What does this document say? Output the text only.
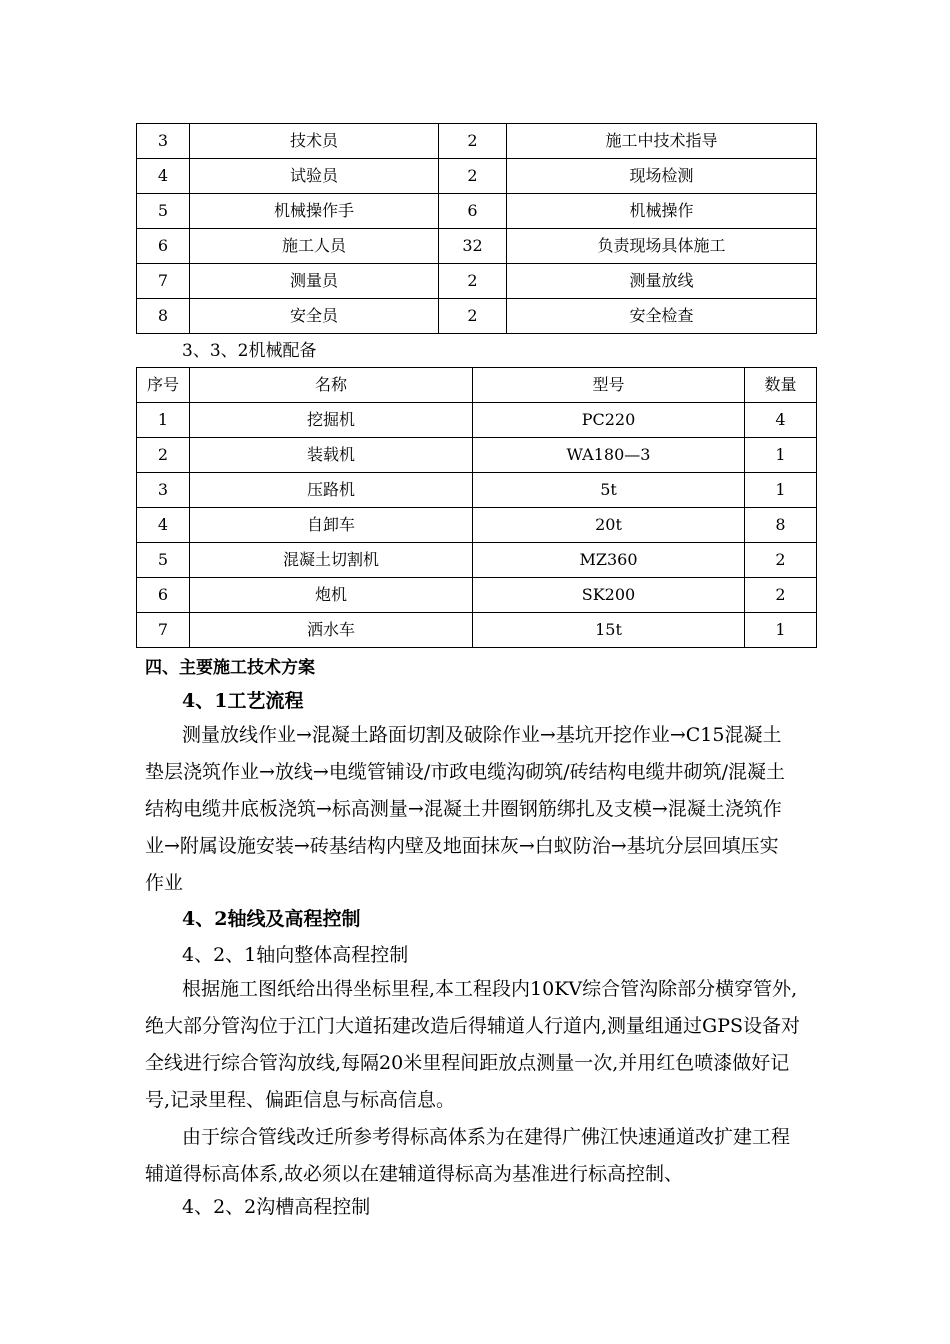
3	技术员	2	施工中技术指导
4	试验员	2	现场检测
5	机械操作手	6	机械操作
6	施工人员	32	负责现场具体施工
7	测量员	2	测量放线
8	安全员	2	安全检查
3、3、2机械配备
序号	名称	型号	数量
1	挖掘机	PC220	4
2	装载机	WA180—3	1
3	压路机	5t	1
4	自卸车	20t	8
5	混凝土切割机	MZ360	2
6	炮机	SK200	2
7	洒水车	15t	1
四、主要施工技术方案
4、1工艺流程
测量放线作业→混凝土路面切割及破除作业→基坑开挖作业→C15混凝土
垫层浇筑作业→放线→电缆管铺设/市政电缆沟砌筑/砖结构电缆井砌筑/混凝土
结构电缆井底板浇筑→标高测量→混凝土井圈钢筋绑扎及支模→混凝土浇筑作
业→附属设施安装→砖基结构内壁及地面抹灰→白蚁防治→基坑分层回填压实
作业
4、2轴线及高程控制
4、2、1轴向整体高程控制
根据施工图纸给出得坐标里程,本工程段内10KV综合管沟除部分横穿管外,
绝大部分管沟位于江门大道拓建改造后得辅道人行道内,测量组通过GPS设备对
全线进行综合管沟放线,每隔20米里程间距放点测量一次,并用红色喷漆做好记
号,记录里程、偏距信息与标高信息。
由于综合管线改迁所参考得标高体系为在建得广佛江快速通道改扩建工程
辅道得标高体系,故必须以在建辅道得标高为基准进行标高控制、
4、2、2沟槽高程控制
